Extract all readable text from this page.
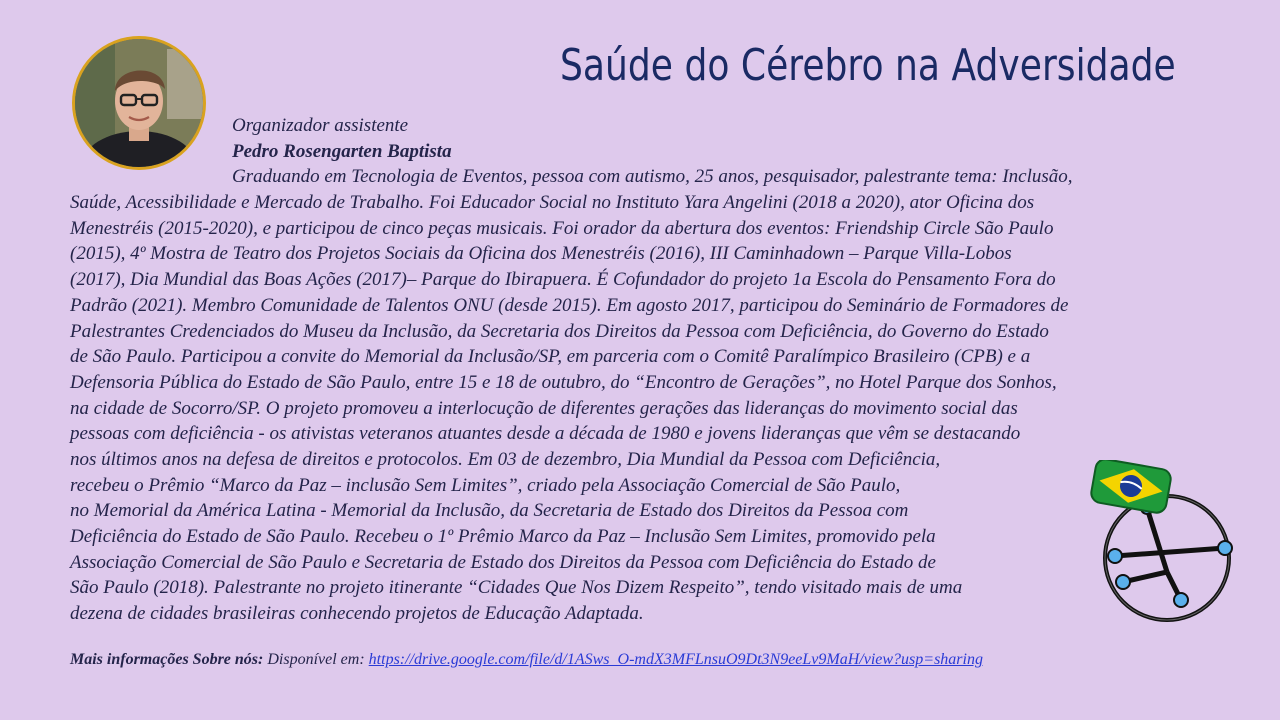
Saúde do Cérebro na Adversidade
Organizador assistente
Pedro Rosengarten Baptista
Graduando em Tecnologia de Eventos, pessoa com autismo, 25 anos, pesquisador, palestrante tema: Inclusão,
Saúde, Acessibilidade e Mercado de Trabalho. Foi Educador Social no Instituto Yara Angelini (2018 a 2020), ator Oficina dos
Menestréis (2015-2020), e participou de cinco peças musicais. Foi orador da abertura dos eventos: Friendship Circle São Paulo
(2015), 4º Mostra de Teatro dos Projetos Sociais da Oficina dos Menestréis (2016), III Caminhadown – Parque Villa-Lobos
(2017), Dia Mundial das Boas Ações (2017)– Parque do Ibirapuera. É Cofundador do projeto 1a Escola do Pensamento Fora do
Padrão (2021). Membro Comunidade de Talentos ONU (desde 2015). Em agosto 2017, participou do Seminário de Formadores de
Palestrantes Credenciados do Museu da Inclusão, da Secretaria dos Direitos da Pessoa com Deficiência, do Governo do Estado
de São Paulo. Participou a convite do Memorial da Inclusão/SP, em parceria com o Comitê Paralímpico Brasileiro (CPB) e a
Defensoria Pública do Estado de São Paulo, entre 15 e 18 de outubro, do “Encontro de Gerações”, no Hotel Parque dos Sonhos,
na cidade de Socorro/SP. O projeto promoveu a interlocução de diferentes gerações das lideranças do movimento social das
pessoas com deficiência - os ativistas veteranos atuantes desde a década de 1980 e jovens lideranças que vêm se destacando
nos últimos anos na defesa de direitos e protocolos. Em 03 de dezembro, Dia Mundial da Pessoa com Deficiência,
recebeu o Prêmio “Marco da Paz – inclusão Sem Limites”, criado pela Associação Comercial de São Paulo,
no Memorial da América Latina - Memorial da Inclusão, da Secretaria de Estado dos Direitos da Pessoa com
Deficiência do Estado de São Paulo. Recebeu o 1º Prêmio Marco da Paz – Inclusão Sem Limites, promovido pela
Associação Comercial de São Paulo e Secretaria de Estado dos Direitos da Pessoa com Deficiência do Estado de
São Paulo (2018). Palestrante no projeto itinerante “Cidades Que Nos Dizem Respeito”, tendo visitado mais de uma
dezena de cidades brasileiras conhecendo projetos de Educação Adaptada.
Mais informações Sobre nós: Disponível em: https://drive.google.com/file/d/1ASws_O-mdX3MFLnsuO9Dt3N9eeLv9MaH/view?usp=sharing
